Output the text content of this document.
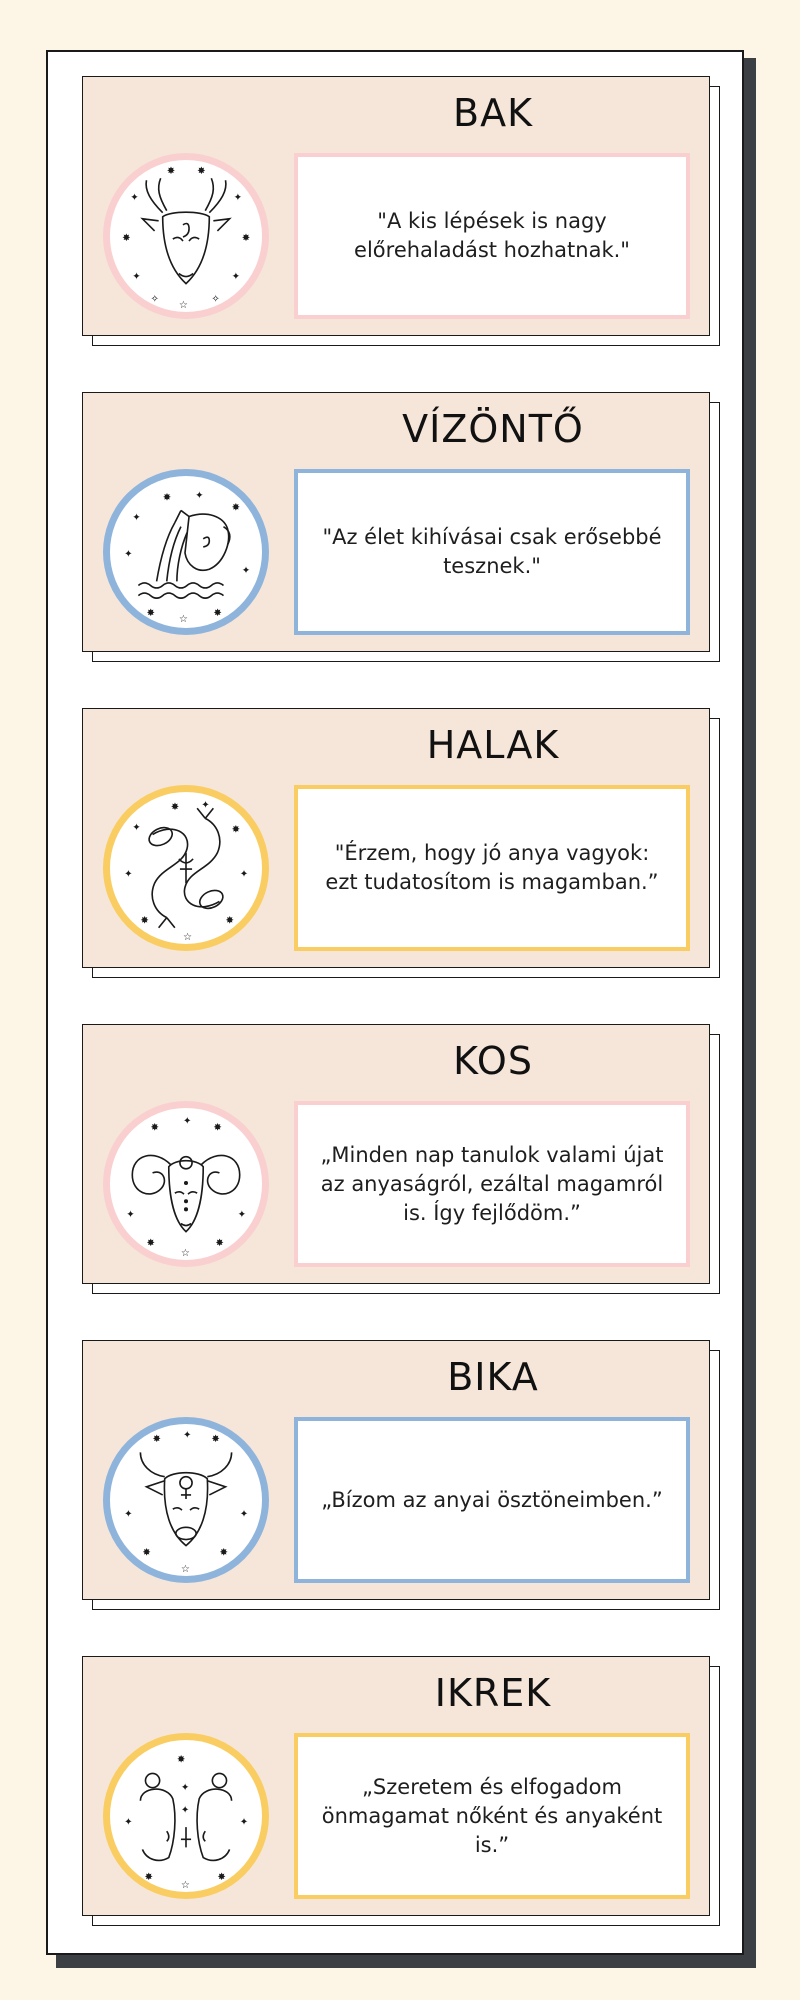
BAK
✦	✦
✸	✸
✦	✦
☆
✧	✧
✸ ✸
"A kis lépések is nagy előrehaladást hozhatnak."
VÍZÖNTŐ
✦
✸ ✦
✸
✦
✦
✸
☆
✸
"Az élet kihívásai csak erősebbé tesznek."
HALAK
✦
✸ ✦
✸
✦	✦
✸
☆
✸
"Érzem, hogy jó anya vagyok: ezt tudatosítom is magamban.”
KOS
✸
✦
✸
✦	✦
✸
☆
✸
„Minden nap tanulok valami újat az anyaságról, ezáltal magamról is. Így fejlődöm.”
BIKA
✸ ✦ ✸
✦	✦
✸
☆
✸
„Bízom az anyai ösztöneimben.”
IKREK
✸
✦
✦
✦	✦
✸
☆
✸
„Szeretem és elfogadom önmagamat nőként és anyaként is.”
